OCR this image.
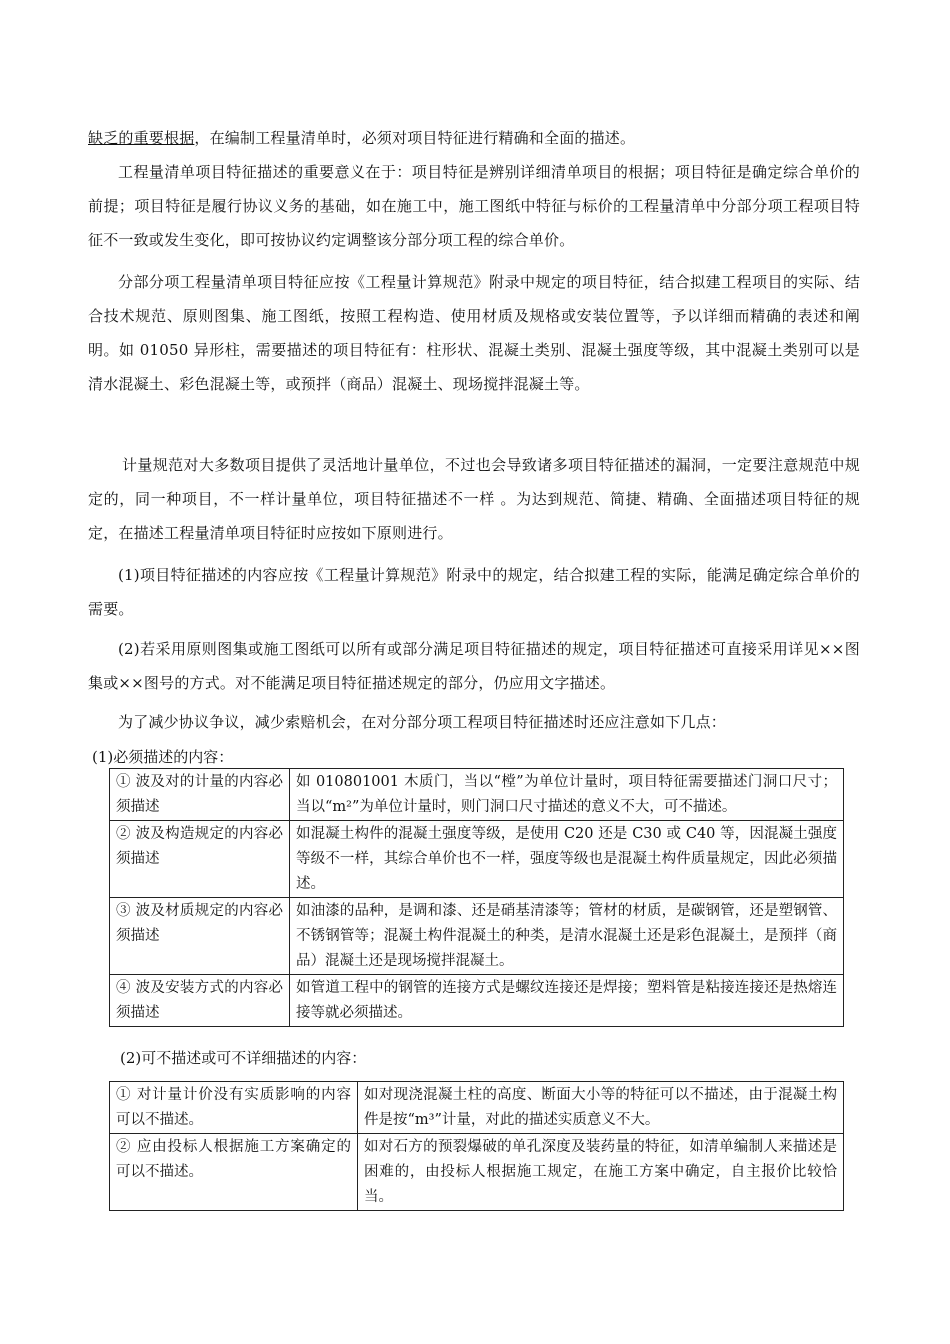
缺乏的重要根据，在编制工程量清单时，必须对项目特征进行精确和全面的描述。

工程量清单项目特征描述的重要意义在于：项目特征是辨别详细清单项目的根据；项目特征是确定综合单价的前提；项目特征是履行协议义务的基础，如在施工中，施工图纸中特征与标价的工程量清单中分部分项工程项目特征不一致或发生变化，即可按协议约定调整该分部分项工程的综合单价。

分部分项工程量清单项目特征应按《工程量计算规范》附录中规定的项目特征，结合拟建工程项目的实际、结合技术规范、原则图集、施工图纸，按照工程构造、使用材质及规格或安装位置等，予以详细而精确的表述和阐明。如 01050 异形柱，需要描述的项目特征有：柱形状、混凝土类别、混凝土强度等级，其中混凝土类别可以是清水混凝土、彩色混凝土等，或预拌（商品）混凝土、现场搅拌混凝土等。

计量规范对大多数项目提供了灵活地计量单位，不过也会导致诸多项目特征描述的漏洞，一定要注意规范中规定的，同一种项目，不一样计量单位，项目特征描述不一样 。为达到规范、简捷、精确、全面描述项目特征的规定，在描述工程量清单项目特征时应按如下原则进行。

(1)项目特征描述的内容应按《工程量计算规范》附录中的规定，结合拟建工程的实际，能满足确定综合单价的需要。

(2)若采用原则图集或施工图纸可以所有或部分满足项目特征描述的规定，项目特征描述可直接采用详见××图集或××图号的方式。对不能满足项目特征描述规定的部分，仍应用文字描述。

为了减少协议争议，减少索赔机会，在对分部分项工程项目特征描述时还应注意如下几点：

(1)必须描述的内容：

① 波及对的计量的内容必须描述	如 010801001 木质门，当以“樘”为单位计量时，项目特征需要描述门洞口尺寸；当以“m²”为单位计量时，则门洞口尺寸描述的意义不大，可不描述。
② 波及构造规定的内容必须描述	如混凝土构件的混凝土强度等级，是使用 C20 还是 C30 或 C40 等，因混凝土强度等级不一样，其综合单价也不一样，强度等级也是混凝土构件质量规定，因此必须描述。
③ 波及材质规定的内容必须描述	如油漆的品种，是调和漆、还是硝基清漆等；管材的材质，是碳钢管，还是塑钢管、不锈钢管等；混凝土构件混凝土的种类，是清水混凝土还是彩色混凝土，是预拌（商品）混凝土还是现场搅拌混凝土。
④ 波及安装方式的内容必须描述	如管道工程中的钢管的连接方式是螺纹连接还是焊接；塑料管是粘接连接还是热熔连接等就必须描述。

(2)可不描述或可不详细描述的内容：

① 对计量计价没有实质影响的内容可以不描述。	如对现浇混凝土柱的高度、断面大小等的特征可以不描述，由于混凝土构件是按“m³”计量，对此的描述实质意义不大。
② 应由投标人根据施工方案确定的可以不描述。	如对石方的预裂爆破的单孔深度及装药量的特征，如清单编制人来描述是困难的，由投标人根据施工规定，在施工方案中确定，自主报价比较恰当。
